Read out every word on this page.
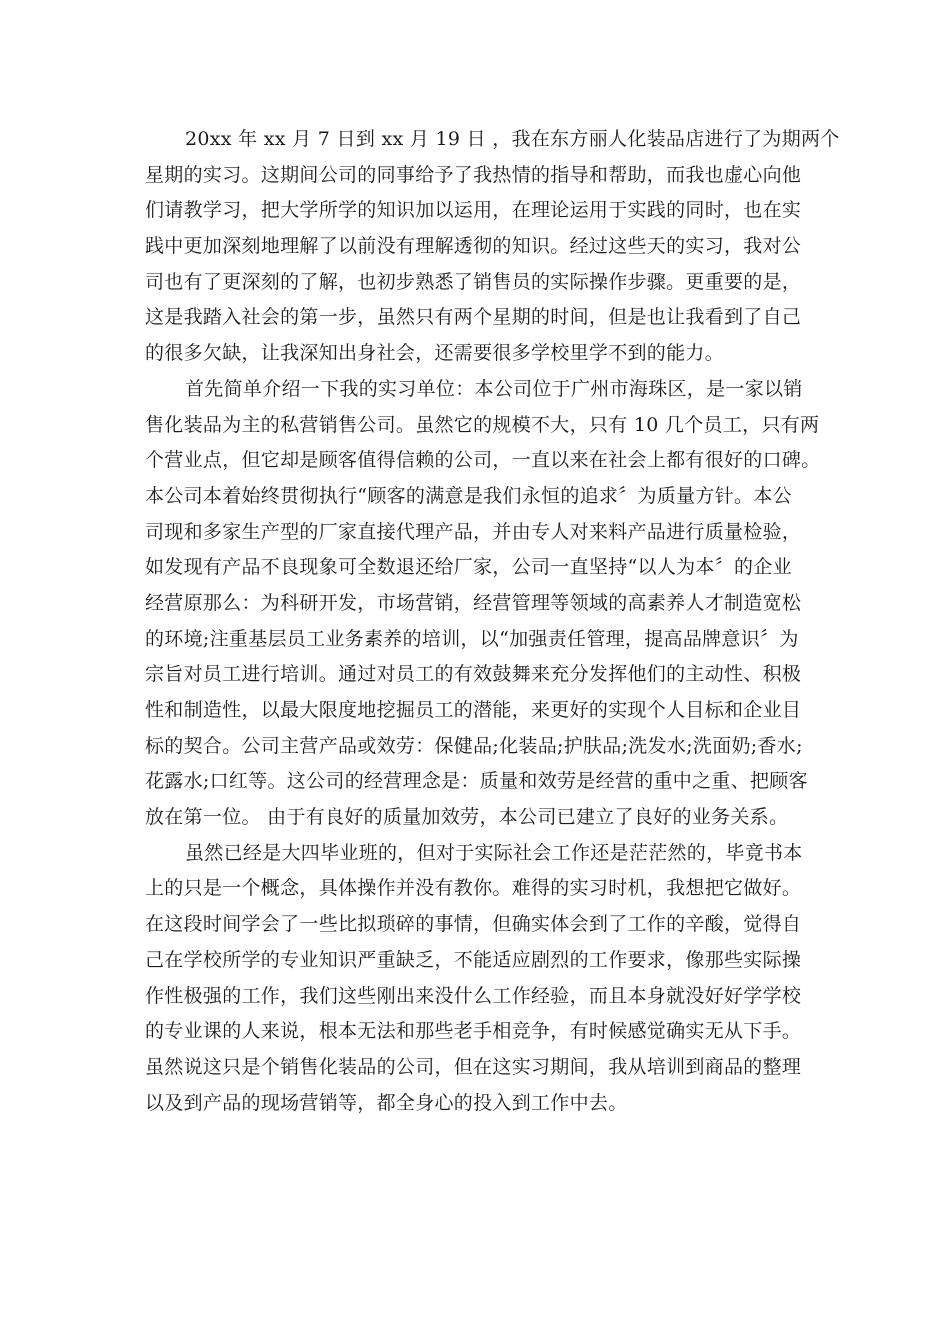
20xx 年 xx 月 7 日到 xx 月 19 日 ，我在东方丽人化装品店进行了为期两个
星期的实习。这期间公司的同事给予了我热情的指导和帮助，而我也虚心向他
们请教学习，把大学所学的知识加以运用，在理论运用于实践的同时，也在实
践中更加深刻地理解了以前没有理解透彻的知识。经过这些天的实习，我对公
司也有了更深刻的了解，也初步熟悉了销售员的实际操作步骤。更重要的是，
这是我踏入社会的第一步，虽然只有两个星期的时间，但是也让我看到了自己
的很多欠缺，让我深知出身社会，还需要很多学校里学不到的能力。
首先简单介绍一下我的实习单位：本公司位于广州市海珠区，是一家以销
售化装品为主的私营销售公司。虽然它的规模不大，只有 10 几个员工，只有两
个营业点，但它却是顾客值得信赖的公司，一直以来在社会上都有很好的口碑。
本公司本着始终贯彻执行“顾客的满意是我们永恒的追求〞为质量方针。本公
司现和多家生产型的厂家直接代理产品，并由专人对来料产品进行质量检验，
如发现有产品不良现象可全数退还给厂家，公司一直坚持“以人为本〞的企业
经营原那么：为科研开发，市场营销，经营管理等领域的高素养人才制造宽松
的环境;注重基层员工业务素养的培训，以“加强责任管理，提高品牌意识〞为
宗旨对员工进行培训。通过对员工的有效鼓舞来充分发挥他们的主动性、积极
性和制造性，以最大限度地挖掘员工的潜能，来更好的实现个人目标和企业目
标的契合。公司主营产品或效劳：保健品;化装品;护肤品;洗发水;洗面奶;香水;
花露水;口红等。这公司的经营理念是：质量和效劳是经营的重中之重、把顾客
放在第一位。 由于有良好的质量加效劳，本公司已建立了良好的业务关系。
虽然已经是大四毕业班的，但对于实际社会工作还是茫茫然的，毕竟书本
上的只是一个概念，具体操作并没有教你。难得的实习时机，我想把它做好。
在这段时间学会了一些比拟琐碎的事情，但确实体会到了工作的辛酸，觉得自
己在学校所学的专业知识严重缺乏，不能适应剧烈的工作要求，像那些实际操
作性极强的工作，我们这些刚出来没什么工作经验，而且本身就没好好学学校
的专业课的人来说，根本无法和那些老手相竞争，有时候感觉确实无从下手。
虽然说这只是个销售化装品的公司，但在这实习期间，我从培训到商品的整理
以及到产品的现场营销等，都全身心的投入到工作中去。
